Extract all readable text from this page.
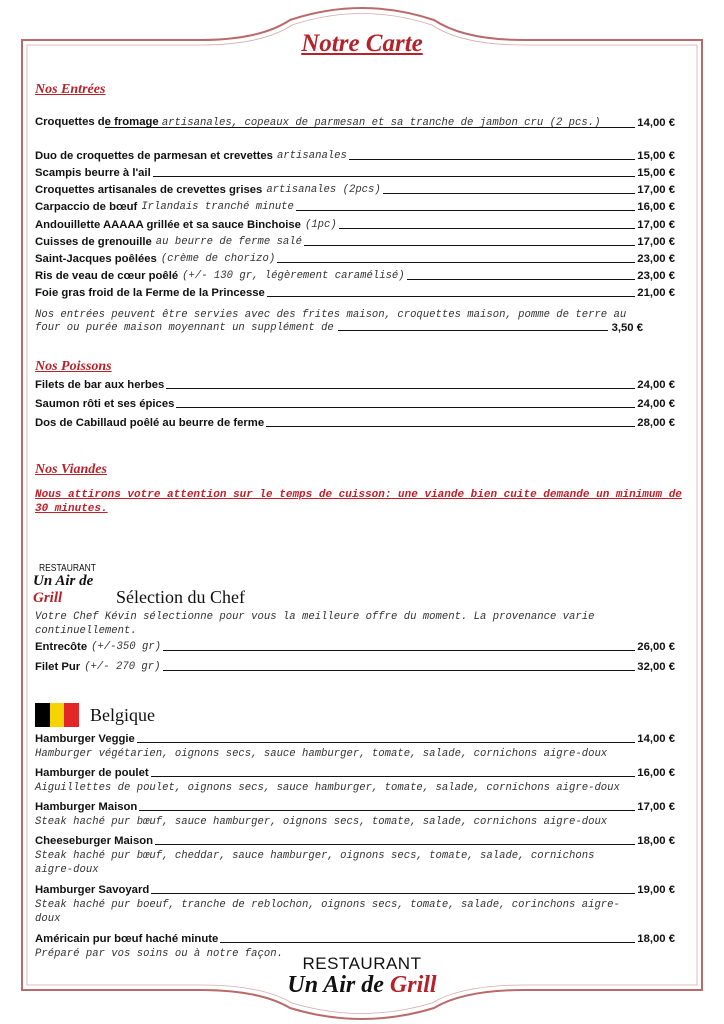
Notre Carte
Nos Entrées
Croquettes de fromage artisanales, copeaux de parmesan et sa tranche de jambon cru (2 pcs.)	14,00 €
Duo de croquettes de parmesan et crevettes artisanales	15,00 €
Scampis beurre à l'ail	15,00 €
Croquettes artisanales de crevettes grises artisanales (2pcs)	17,00 €
Carpaccio de bœuf Irlandais tranché minute	16,00 €
Andouillette AAAAA grillée et sa sauce Binchoise (1pc)	17,00 €
Cuisses de grenouille au beurre de ferme salé	17,00 €
Saint-Jacques poêlées (crème de chorizo)	23,00 €
Ris de veau de cœur poêlé (+/- 130 gr, légèrement caramélisé)	23,00 €
Foie gras froid de la Ferme de la Princesse	21,00 €
Nos entrées peuvent être servies avec des frites maison, croquettes maison, pomme de terre au
four ou purée maison moyennant un supplément de	3,50 €
Nos Poissons
Filets de bar aux herbes	24,00 €
Saumon rôti et ses épices	24,00 €
Dos de Cabillaud poêlé au beurre de ferme	28,00 €
Nos Viandes
Nous attirons votre attention sur le temps de cuisson: une viande bien cuite demande un minimum de 30 minutes.
RESTAURANT
Un Air de Grill	Sélection du Chef
Votre Chef Kévin sélectionne pour vous la meilleure offre du moment. La provenance varie continuellement.
Entrecôte (+/-350 gr)	26,00 €
Filet Pur (+/- 270 gr)	32,00 €
Belgique
Hamburger Veggie	14,00 €
Hamburger végétarien, oignons secs, sauce hamburger, tomate, salade, cornichons aigre-doux
Hamburger de poulet	16,00 €
Aiguillettes de poulet, oignons secs, sauce hamburger, tomate, salade, cornichons aigre-doux
Hamburger Maison	17,00 €
Steak haché pur bœuf, sauce hamburger, oignons secs, tomate, salade, cornichons aigre-doux
Cheeseburger Maison	18,00 €
Steak haché pur bœuf, cheddar, sauce hamburger, oignons secs, tomate, salade, cornichons aigre-doux
Hamburger Savoyard	19,00 €
Steak haché pur boeuf, tranche de reblochon, oignons secs, tomate, salade, corinchons aigre-doux
Américain pur bœuf haché minute	18,00 €
Préparé par vos soins ou à notre façon.	RESTAURANT
Un Air de Grill
